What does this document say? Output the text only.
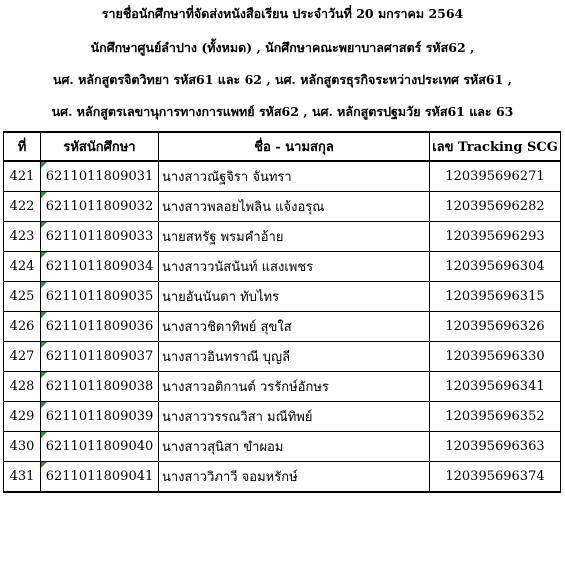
รายชื่อนักศึกษาที่จัดส่งหนังสือเรียน ประจำวันที่ 20 มกราคม 2564
นักศึกษาศูนย์ลำปาง (ทั้งหมด) , นักศึกษาคณะพยาบาลศาสตร์ รหัส62 ,
นศ. หลักสูตรจิตวิทยา รหัส61 และ 62 , นศ. หลักสูตรธุรกิจระหว่างประเทศ รหัส61 ,
นศ. หลักสูตรเลขานุการทางการแพทย์ รหัส62 , นศ. หลักสูตรปฐมวัย รหัส61 และ 63
ที่	รหัสนักศึกษา	ชื่อ - นามสกุล	เลข Tracking SCG
421	6211011809031	นางสาวณัฐจิรา จันทรา	120395696271
422	6211011809032	นางสาวพลอยไพลิน แจ้งอรุณ	120395696282
423	6211011809033	นายสหรัฐ พรมคำอ้าย	120395696293
424	6211011809034	นางสาววนัสนันท์ แสงเพชร	120395696304
425	6211011809035	นายอันนันดา ทับไทร	120395696315
426	6211011809036	นางสาวชิดาทิพย์ สุขใส	120395696326
427	6211011809037	นางสาวอินทราณี บุญลี	120395696330
428	6211011809038	นางสาวอติกานต์ วรรักษ์อักษร	120395696341
429	6211011809039	นางสาววรรณวิสา มณีทิพย์	120395696352
430	6211011809040	นางสาวสุนิสา ขำผอม	120395696363
431	6211011809041	นางสาววิภาวี จอมหรักษ์	120395696374
